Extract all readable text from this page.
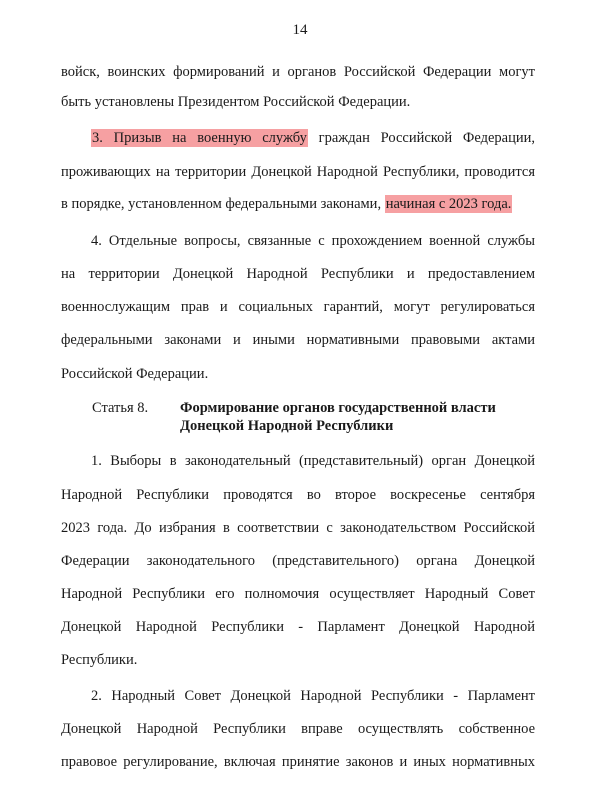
14
войск, воинских формирований и органов Российской Федерации могут
быть установлены Президентом Российской Федерации.
3. Призыв на военную службу граждан Российской Федерации,
проживающих на территории Донецкой Народной Республики, проводится
в порядке, установленном федеральными законами, начиная с 2023 года.
4. Отдельные вопросы, связанные с прохождением военной службы
на территории Донецкой Народной Республики и предоставлением
военнослужащим прав и социальных гарантий, могут регулироваться
федеральными законами и иными нормативными правовыми актами
Российской Федерации.
Статья 8. Формирование органов государственной власти
Донецкой Народной Республики
1. Выборы в законодательный (представительный) орган Донецкой
Народной Республики проводятся во второе воскресенье сентября
2023 года. До избрания в соответствии с законодательством Российской
Федерации законодательного (представительного) органа Донецкой
Народной Республики его полномочия осуществляет Народный Совет
Донецкой Народной Республики - Парламент Донецкой Народной
Республики.
2. Народный Совет Донецкой Народной Республики - Парламент
Донецкой Народной Республики вправе осуществлять собственное
правовое регулирование, включая принятие законов и иных нормативных
